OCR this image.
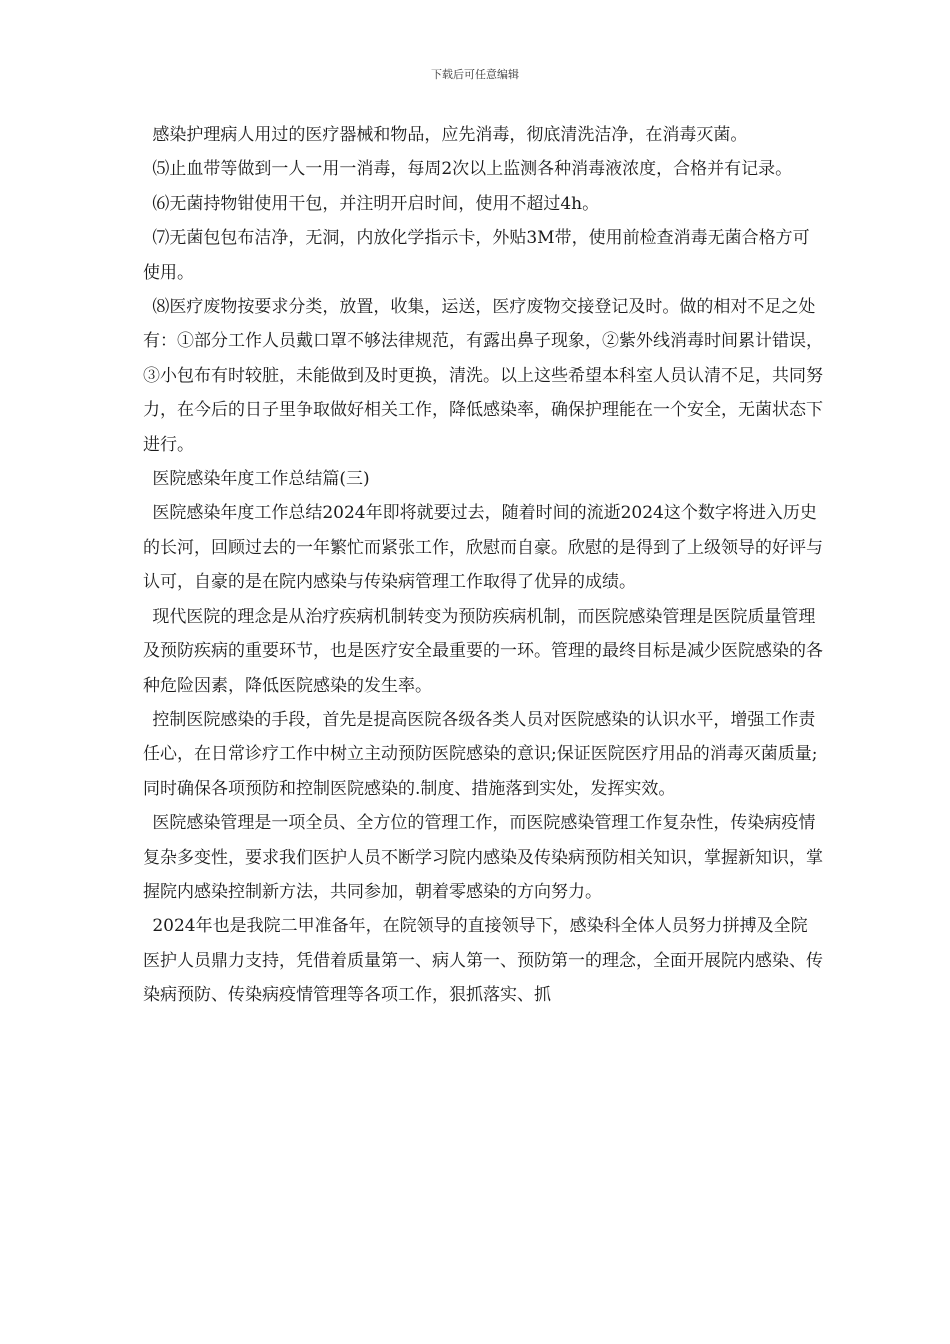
下载后可任意编辑

感染护理病人用过的医疗器械和物品，应先消毒，彻底清洗洁净，在消毒灭菌。

⑸止血带等做到一人一用一消毒，每周2次以上监测各种消毒液浓度，合格并有记录。

⑹无菌持物钳使用干包，并注明开启时间，使用不超过4h。

⑺无菌包包布洁净，无洞，内放化学指示卡，外贴3M带，使用前检查消毒无菌合格方可使用。

⑻医疗废物按要求分类，放置，收集，运送，医疗废物交接登记及时。做的相对不足之处有：①部分工作人员戴口罩不够法律规范，有露出鼻子现象，②紫外线消毒时间累计错误，③小包布有时较脏，未能做到及时更换，清洗。以上这些希望本科室人员认清不足，共同努力，在今后的日子里争取做好相关工作，降低感染率，确保护理能在一个安全，无菌状态下进行。

医院感染年度工作总结篇(三)

医院感染年度工作总结2024年即将就要过去，随着时间的流逝2024这个数字将进入历史的长河，回顾过去的一年繁忙而紧张工作，欣慰而自豪。欣慰的是得到了上级领导的好评与认可，自豪的是在院内感染与传染病管理工作取得了优异的成绩。

现代医院的理念是从治疗疾病机制转变为预防疾病机制，而医院感染管理是医院质量管理及预防疾病的重要环节，也是医疗安全最重要的一环。管理的最终目标是减少医院感染的各种危险因素，降低医院感染的发生率。

控制医院感染的手段，首先是提高医院各级各类人员对医院感染的认识水平，增强工作责任心，在日常诊疗工作中树立主动预防医院感染的意识;保证医院医疗用品的消毒灭菌质量;同时确保各项预防和控制医院感染的.制度、措施落到实处，发挥实效。

医院感染管理是一项全员、全方位的管理工作，而医院感染管理工作复杂性，传染病疫情复杂多变性，要求我们医护人员不断学习院内感染及传染病预防相关知识，掌握新知识，掌握院内感染控制新方法，共同参加，朝着零感染的方向努力。

2024年也是我院二甲准备年，在院领导的直接领导下，感染科全体人员努力拼搏及全院医护人员鼎力支持，凭借着质量第一、病人第一、预防第一的理念，全面开展院内感染、传染病预防、传染病疫情管理等各项工作，狠抓落实、抓
